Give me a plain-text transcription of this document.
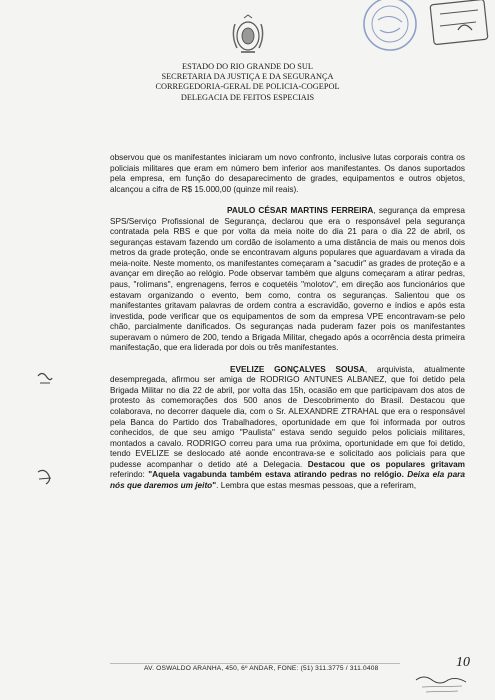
ESTADO DO RIO GRANDE DO SUL
SECRETARIA DA JUSTIÇA E DA SEGURANÇA
CORREGEDORIA-GERAL DE POLICIA-COGEPOL
DELEGACIA DE FEITOS ESPECIAIS

observou que os manifestantes iniciaram um novo confronto, inclusive lutas corporais contra os policiais militares que eram em número bem inferior aos manifestantes. Os danos suportados pela empresa, em função do desaparecimento de grades, equipamentos e outros objetos, alcançou a cifra de R$ 15.000,00 (quinze mil reais).

PAULO CÉSAR MARTINS FERREIRA, segurança da empresa SPS/Serviço Profissional de Segurança, declarou que era o responsável pela segurança contratada pela RBS e que por volta da meia noite do dia 21 para o dia 22 de abril, os seguranças estavam fazendo um cordão de isolamento a uma distância de mais ou menos dois metros da grade proteção, onde se encontravam alguns populares que aguardavam a virada da meia-noite. Neste momento, os manifestantes começaram a "sacudir" as grades de proteção e a avançar em direção ao relógio. Pode observar também que alguns começaram a atirar pedras, paus, "rolimans", engrenagens, ferros e coquetéis "molotov", em direção aos funcionários que estavam organizando o evento, bem como, contra os seguranças. Salientou que os manifestantes gritavam palavras de ordem contra a escravidão, governo e índios e após esta investida, pode verificar que os equipamentos de som da empresa VPE encontravam-se pelo chão, parcialmente danificados. Os seguranças nada puderam fazer pois os manifestantes superavam o número de 200, tendo a Brigada Militar, chegado após a ocorrência desta primeira manifestação, que era liderada por dois ou três manifestantes.

EVELIZE GONÇALVES SOUSA, arquivista, atualmente desempregada, afirmou ser amiga de RODRIGO ANTUNES ALBANEZ, que foi detido pela Brigada Militar no dia 22 de abril, por volta das 15h, ocasião em que participavam dos atos de protesto às comemorações dos 500 anos de Descobrimento do Brasil. Destacou que colaborava, no decorrer daquele dia, com o Sr. ALEXANDRE ZTRAHAL que era o responsável pela Banca do Partido dos Trabalhadores, oportunidade em que foi informada por outros conhecidos, de que seu amigo "Paulista" estava sendo seguido pelos policiais militares, montados a cavalo. RODRIGO correu para uma rua próxima, oportunidade em que foi detido, tendo EVELIZE se deslocado até aonde encontrava-se e solicitado aos policiais para que pudesse acompanhar o detido até a Delegacia. Destacou que os populares gritavam referindo: "Aquela vagabunda também estava atirando pedras no relógio. Deixa ela para nós que daremos um jeito". Lembra que estas mesmas pessoas, que a referiram,

AV. OSWALDO ARANHA, 450, 6º ANDAR, FONE: (51) 311.3775 / 311.0408	10
